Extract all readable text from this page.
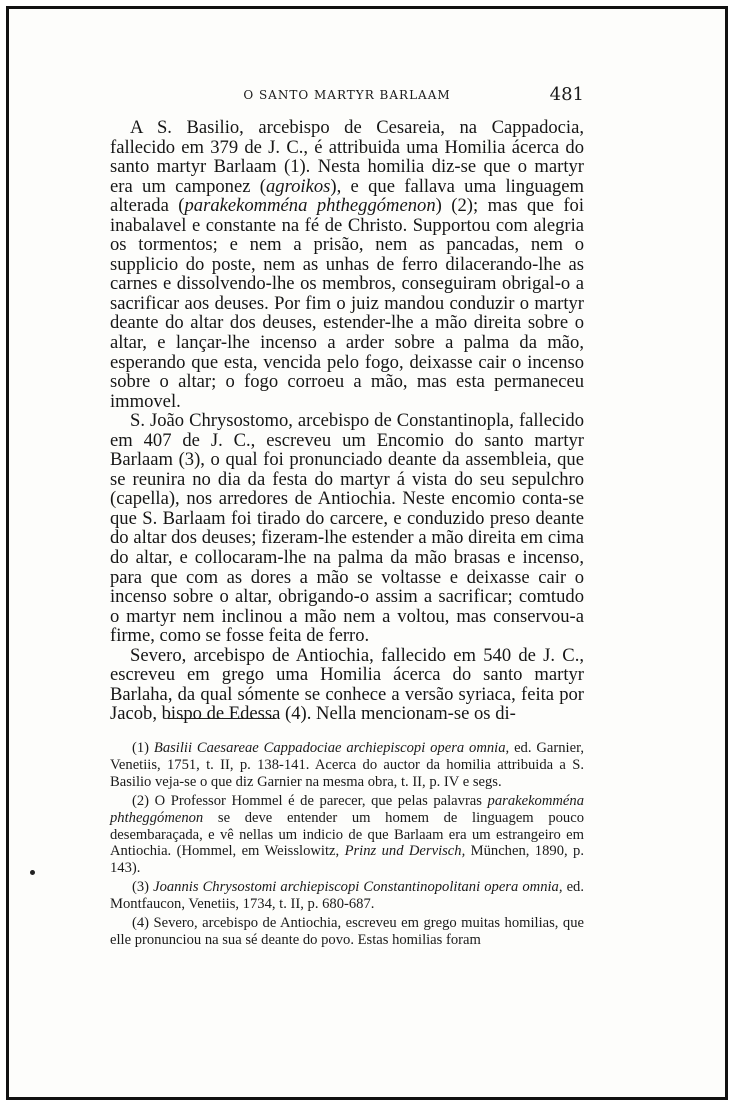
O SANTO MARTYR BARLAAM	481

A S. Basilio, arcebispo de Cesareia, na Cappadocia, fallecido em 379 de J. C., é attribuida uma Homilia ácerca do santo martyr Barlaam (1). Nesta homilia diz-se que o martyr era um camponez (agroikos), e que fallava uma linguagem alterada (parakekomména phtheggómenon) (2); mas que foi inabalavel e constante na fé de Christo. Supportou com alegria os tormentos; e nem a prisão, nem as pancadas, nem o supplicio do poste, nem as unhas de ferro dilacerando-lhe as carnes e dissolvendo-lhe os membros, conseguiram obrigal-o a sacrificar aos deuses. Por fim o juiz mandou conduzir o martyr deante do altar dos deuses, estender-lhe a mão direita sobre o altar, e lançar-lhe incenso a arder sobre a palma da mão, esperando que esta, vencida pelo fogo, deixasse cair o incenso sobre o altar; o fogo corroeu a mão, mas esta permaneceu immovel.

S. João Chrysostomo, arcebispo de Constantinopla, fallecido em 407 de J. C., escreveu um Encomio do santo martyr Barlaam (3), o qual foi pronunciado deante da assembleia, que se reunira no dia da festa do martyr á vista do seu sepulchro (capella), nos arredores de Antiochia. Neste encomio conta-se que S. Barlaam foi tirado do carcere, e conduzido preso deante do altar dos deuses; fizeram-lhe estender a mão direita em cima do altar, e collocaram-lhe na palma da mão brasas e incenso, para que com as dores a mão se voltasse e deixasse cair o incenso sobre o altar, obrigando-o assim a sacrificar; comtudo o martyr nem inclinou a mão nem a voltou, mas conservou-a firme, como se fosse feita de ferro.

Severo, arcebispo de Antiochia, fallecido em 540 de J. C., escreveu em grego uma Homilia ácerca do santo martyr Barlaha, da qual sómente se conhece a versão syriaca, feita por Jacob, bispo de Edessa (4). Nella mencionam-se os di-

(1) Basilii Caesareae Cappadociae archiepiscopi opera omnia, ed. Garnier, Venetiis, 1751, t. II, p. 138-141. Acerca do auctor da homilia attribuida a S. Basilio veja-se o que diz Garnier na mesma obra, t. II, p. IV e segs.

(2) O Professor Hommel é de parecer, que pelas palavras parakekomména phtheggómenon se deve entender um homem de linguagem pouco desembaraçada, e vê nellas um indicio de que Barlaam era um estrangeiro em Antiochia. (Hommel, em Weisslowitz, Prinz und Dervisch, München, 1890, p. 143).

(3) Joannis Chrysostomi archiepiscopi Constantinopolitani opera omnia, ed. Montfaucon, Venetiis, 1734, t. II, p. 680-687.

(4) Severo, arcebispo de Antiochia, escreveu em grego muitas homilias, que elle pronunciou na sua sé deante do povo. Estas homilias foram
